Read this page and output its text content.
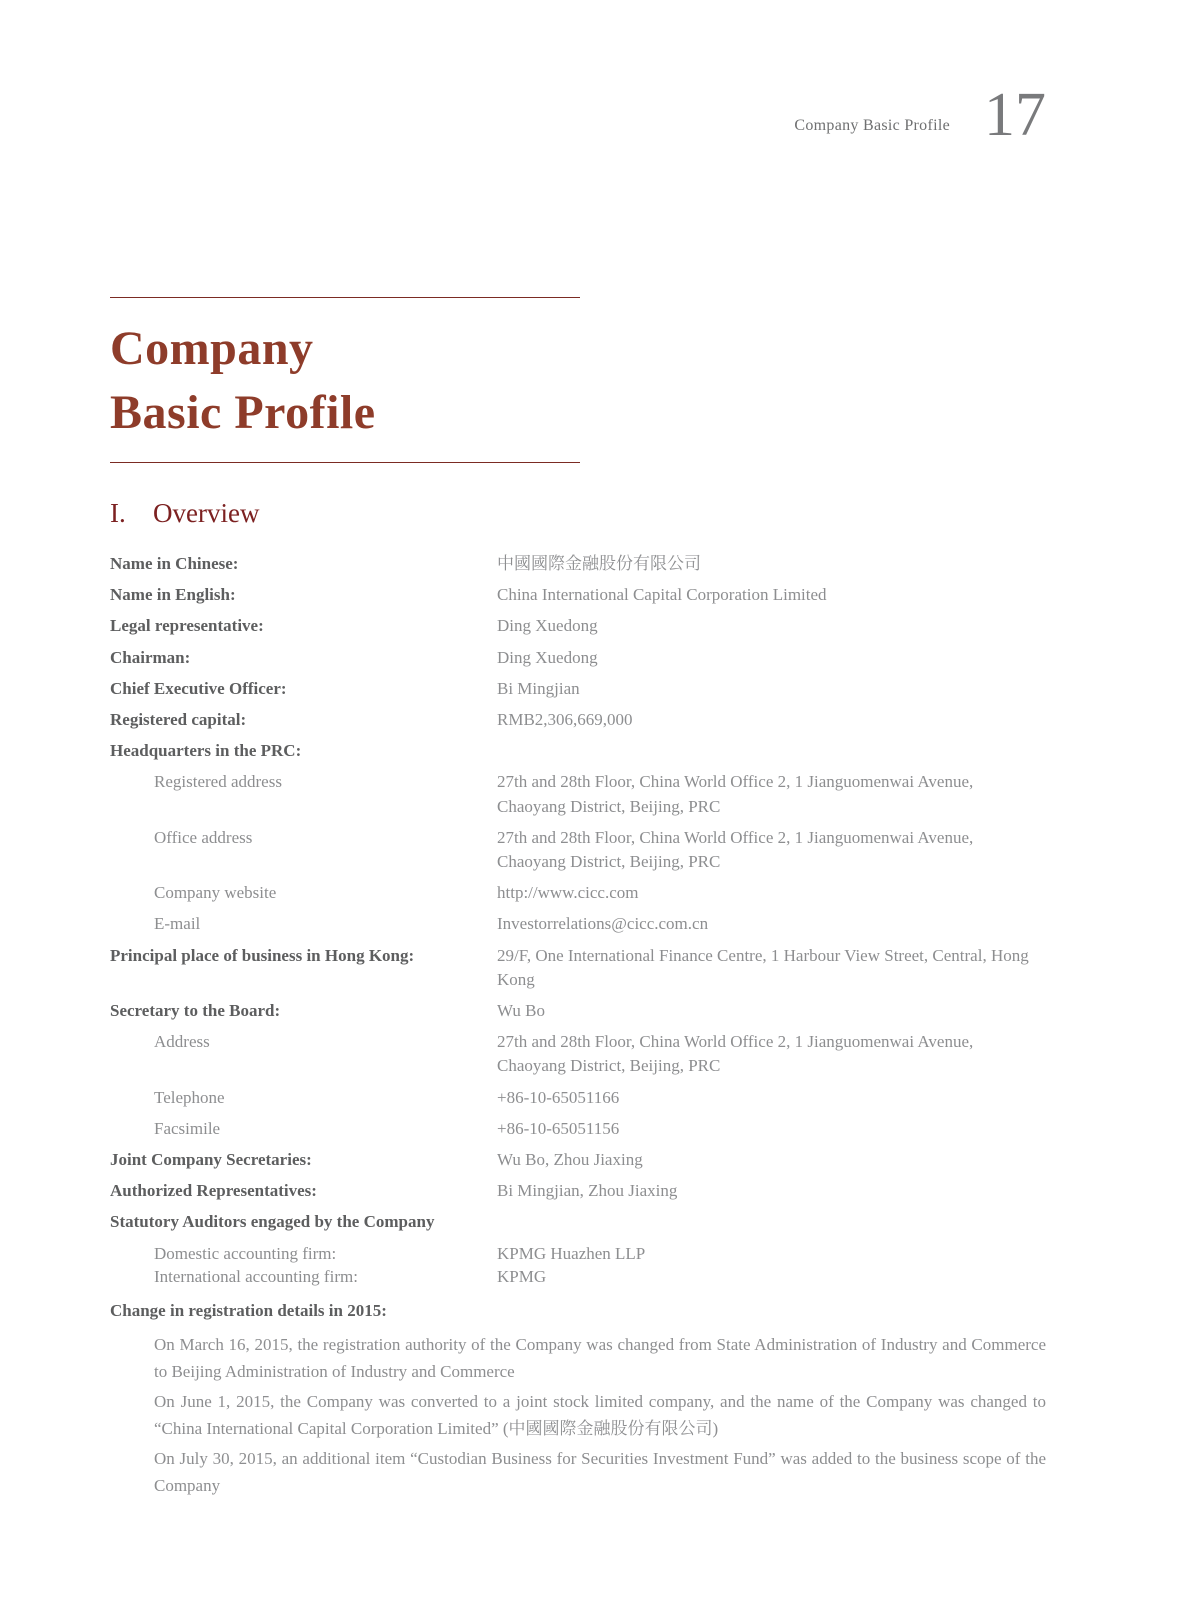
Company Basic Profile 17
Company
Basic Profile
I.	Overview
Name in Chinese:	中國國際金融股份有限公司
Name in English:	China International Capital Corporation Limited
Legal representative:	Ding Xuedong
Chairman:	Ding Xuedong
Chief Executive Officer:	Bi Mingjian
Registered capital:	RMB2,306,669,000
Headquarters in the PRC:
Registered address	27th and 28th Floor, China World Office 2, 1 Jianguomenwai Avenue, Chaoyang District, Beijing, PRC
Office address	27th and 28th Floor, China World Office 2, 1 Jianguomenwai Avenue, Chaoyang District, Beijing, PRC
Company website	http://www.cicc.com
E-mail	Investorrelations@cicc.com.cn
Principal place of business in Hong Kong:	29/F, One International Finance Centre, 1 Harbour View Street, Central, Hong Kong
Secretary to the Board:	Wu Bo
Address	27th and 28th Floor, China World Office 2, 1 Jianguomenwai Avenue, Chaoyang District, Beijing, PRC
Telephone	+86-10-65051166
Facsimile	+86-10-65051156
Joint Company Secretaries:	Wu Bo, Zhou Jiaxing
Authorized Representatives:	Bi Mingjian, Zhou Jiaxing
Statutory Auditors engaged by the Company
Domestic accounting firm:	KPMG Huazhen LLP
International accounting firm:	KPMG
Change in registration details in 2015:

On March 16, 2015, the registration authority of the Company was changed from State Administration of Industry and Commerce to Beijing Administration of Industry and Commerce

On June 1, 2015, the Company was converted to a joint stock limited company, and the name of the Company was changed to “China International Capital Corporation Limited” (中國國際金融股份有限公司)

On July 30, 2015, an additional item “Custodian Business for Securities Investment Fund” was added to the business scope of the Company
